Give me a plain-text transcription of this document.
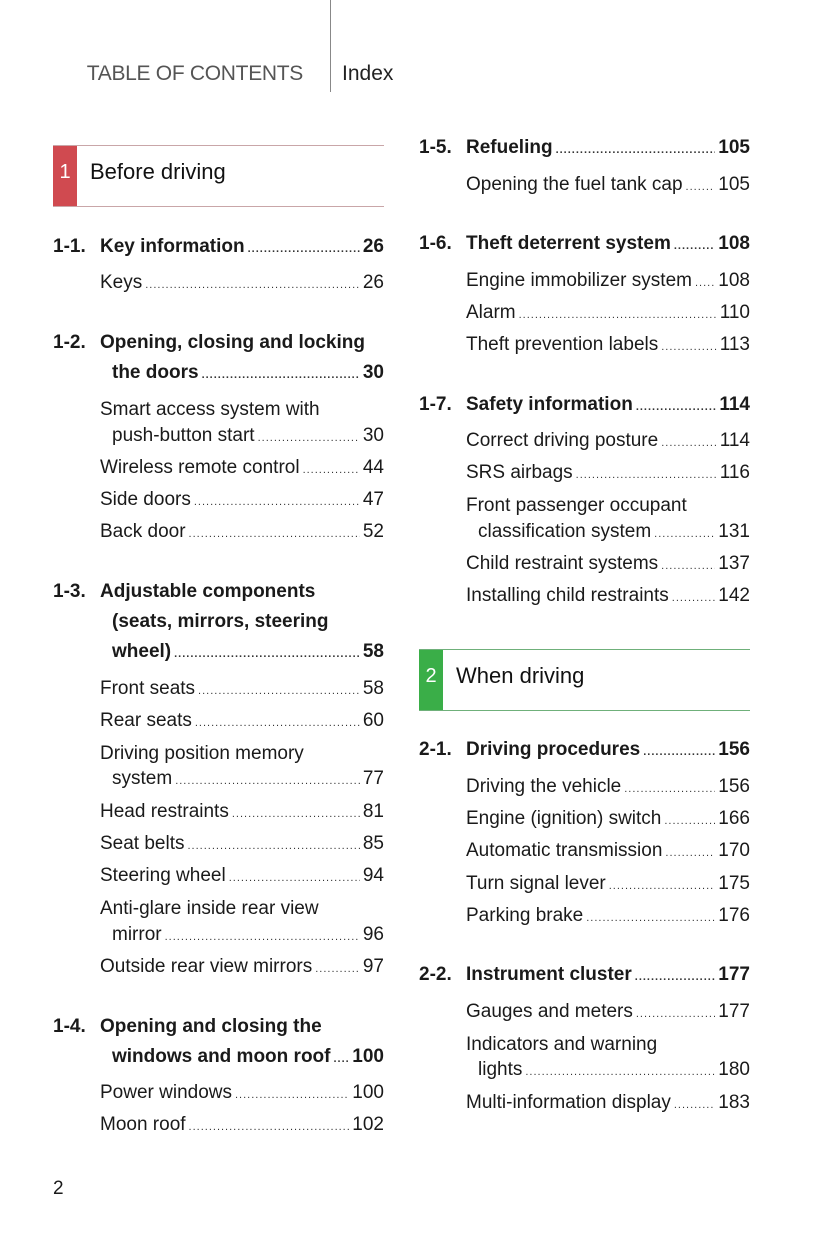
TABLE OF CONTENTS Index
1 Before driving
1-1. Key information .....	26
Keys .....	26
1-2. Opening, closing and locking
the doors .....	30
Smart access system with
push-button start .....	30
Wireless remote control .....	44
Side doors .....	47
Back door .....	52
1-3. Adjustable components
(seats, mirrors, steering
wheel) .....	58
Front seats .....	58
Rear seats .....	60
Driving position memory
system .....	77
Head restraints .....	81
Seat belts .....	85
Steering wheel .....	94
Anti-glare inside rear view
mirror .....	96
Outside rear view mirrors .....	97
1-4. Opening and closing the
windows and moon roof ..... 100
Power windows .....	100
Moon roof .....	102
1-5. Refueling .....	105
Opening the fuel tank cap ..... 105
1-6. Theft deterrent system ..... 108
Engine immobilizer system ..... 108
Alarm .....	110
Theft prevention labels .....	113
1-7. Safety information .....	114
Correct driving posture .....	114
SRS airbags .....	116
Front passenger occupant
classification system .....	131
Child restraint systems .....	137
Installing child restraints .....	142
2 When driving
2-1. Driving procedures .....	156
Driving the vehicle .....	156
Engine (ignition) switch .....	166
Automatic transmission .....	170
Turn signal lever .....	175
Parking brake .....	176
2-2. Instrument cluster .....	177
Gauges and meters .....	177
Indicators and warning
lights .....	180
Multi-information display ..... 183
2
